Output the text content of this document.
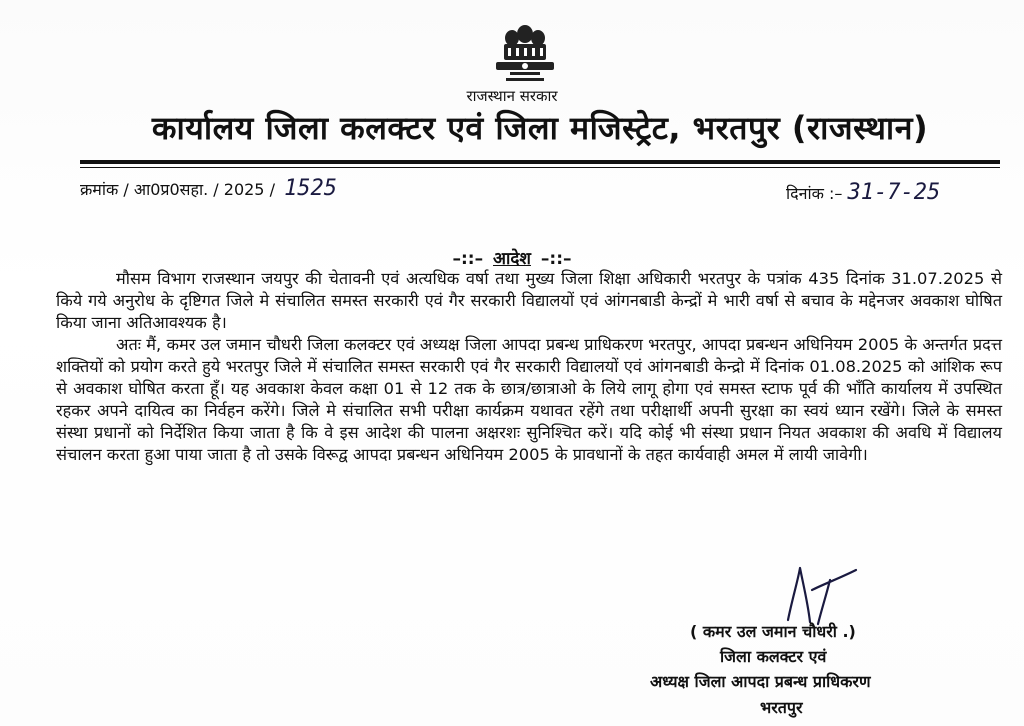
राजस्थान सरकार
कार्यालय जिला कलक्टर एवं जिला मजिस्ट्रेट, भरतपुर (राजस्थान)
क्रमांक / आ0प्र0सहा. / 2025 / 1525	दिनांक :– 31-7-25
–::– आदेश –::–

मौसम विभाग राजस्थान जयपुर की चेतावनी एवं अत्यधिक वर्षा तथा मुख्य जिला शिक्षा अधिकारी भरतपुर के पत्रांक 435 दिनांक 31.07.2025 से किये गये अनुरोध के दृष्टिगत जिले मे संचालित समस्त सरकारी एवं गैर सरकारी विद्यालयों एवं आंगनबाडी केन्द्रों मे भारी वर्षा से बचाव के मद्देनजर अवकाश घोषित किया जाना अतिआवश्यक है।

अतः मैं, कमर उल जमान चौधरी जिला कलक्टर एवं अध्यक्ष जिला आपदा प्रबन्ध प्राधिकरण भरतपुर, आपदा प्रबन्धन अधिनियम 2005 के अन्तर्गत प्रदत्त शक्तियों को प्रयोग करते हुये भरतपुर जिले में संचालित समस्त सरकारी एवं गैर सरकारी विद्यालयों एवं आंगनबाडी केन्द्रो में दिनांक 01.08.2025 को आंशिक रूप से अवकाश घोषित करता हूँ। यह अवकाश केवल कक्षा 01 से 12 तक के छात्र/छात्राओ के लिये लागू होगा एवं समस्त स्टाफ पूर्व की भाँति कार्यालय में उपस्थित रहकर अपने दायित्व का निर्वहन करेंगे। जिले मे संचालित सभी परीक्षा कार्यक्रम यथावत रहेंगे तथा परीक्षार्थी अपनी सुरक्षा का स्वयं ध्यान रखेंगे। जिले के समस्त संस्था प्रधानों को निर्देशित किया जाता है कि वे इस आदेश की पालना अक्षरशः सुनिश्चित करें। यदि कोई भी संस्था प्रधान नियत अवकाश की अवधि में विद्यालय संचालन करता हुआ पाया जाता है तो उसके विरूद्व आपदा प्रबन्धन अधिनियम 2005 के प्रावधानों के तहत कार्यवाही अमल में लायी जावेगी।

( कमर उल जमान चौधरी .)
जिला कलक्टर एवं
अध्यक्ष जिला आपदा प्रबन्ध प्राधिकरण
भरतपुर
